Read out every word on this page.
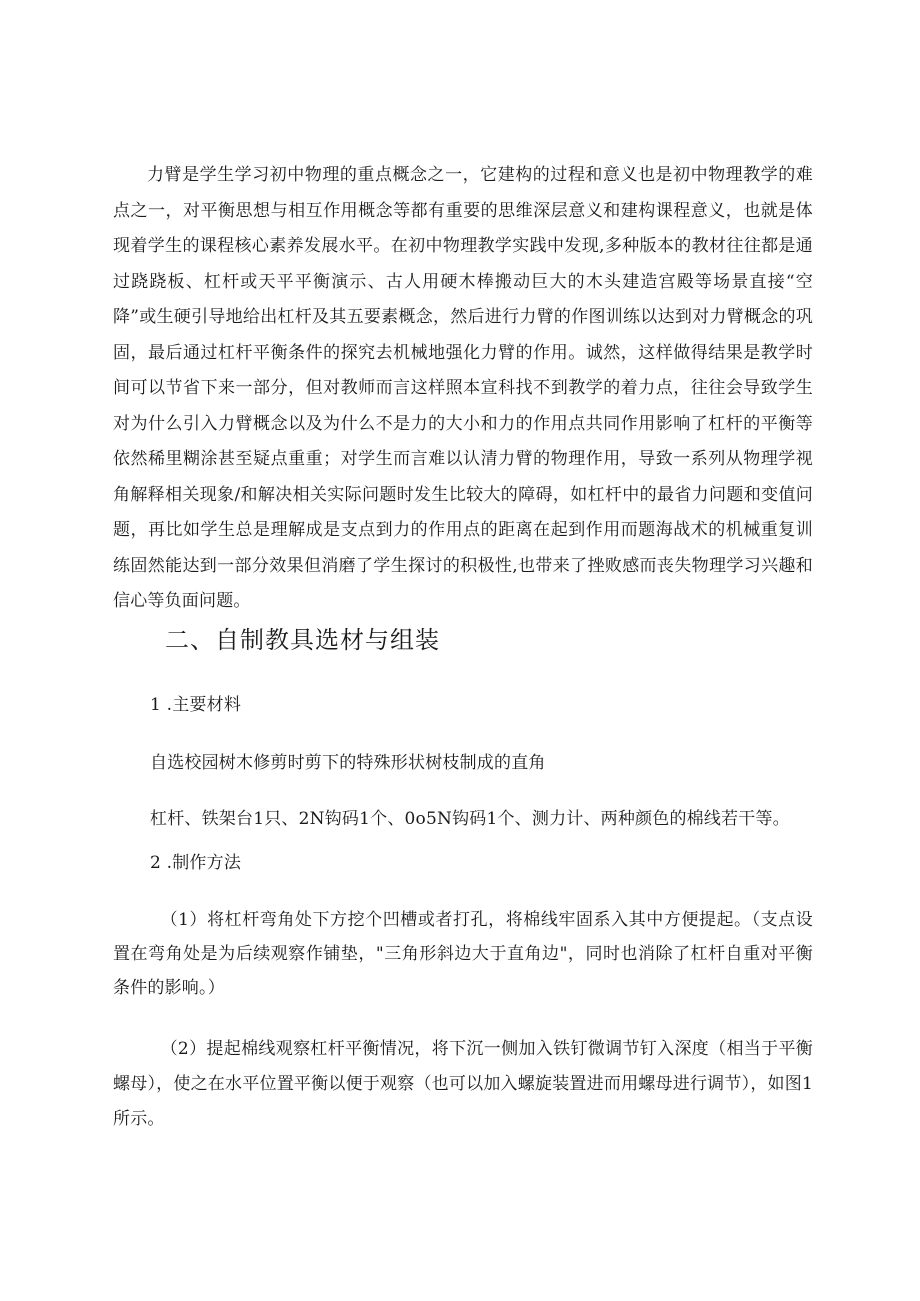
力臂是学生学习初中物理的重点概念之一，它建构的过程和意义也是初中物理教学的难点之一，对平衡思想与相互作用概念等都有重要的思维深层意义和建构课程意义，也就是体现着学生的课程核心素养发展水平。在初中物理教学实践中发现,多种版本的教材往往都是通过跷跷板、杠杆或天平平衡演示、古人用硬木棒搬动巨大的木头建造宫殿等场景直接“空降”或生硬引导地给出杠杆及其五要素概念，然后进行力臂的作图训练以达到对力臂概念的巩固，最后通过杠杆平衡条件的探究去机械地强化力臂的作用。诚然，这样做得结果是教学时间可以节省下来一部分，但对教师而言这样照本宣科找不到教学的着力点，往往会导致学生对为什么引入力臂概念以及为什么不是力的大小和力的作用点共同作用影响了杠杆的平衡等依然稀里糊涂甚至疑点重重；对学生而言难以认清力臂的物理作用，导致一系列从物理学视角解释相关现象/和解决相关实际问题时发生比较大的障碍，如杠杆中的最省力问题和变值问题，再比如学生总是理解成是支点到力的作用点的距离在起到作用而题海战术的机械重复训练固然能达到一部分效果但消磨了学生探讨的积极性,也带来了挫败感而丧失物理学习兴趣和信心等负面问题。

二、自制教具选材与组装

1 .主要材料

自选校园树木修剪时剪下的特殊形状树枝制成的直角

杠杆、铁架台1只、2N钩码1个、0o5N钩码1个、测力计、两种颜色的棉线若干等。

2 .制作方法

（1）将杠杆弯角处下方挖个凹槽或者打孔，将棉线牢固系入其中方便提起。（支点设置在弯角处是为后续观察作铺垫，"三角形斜边大于直角边"，同时也消除了杠杆自重对平衡条件的影响。）

（2）提起棉线观察杠杆平衡情况，将下沉一侧加入铁钉微调节钉入深度（相当于平衡螺母），使之在水平位置平衡以便于观察（也可以加入螺旋装置进而用螺母进行调节），如图1所示。
